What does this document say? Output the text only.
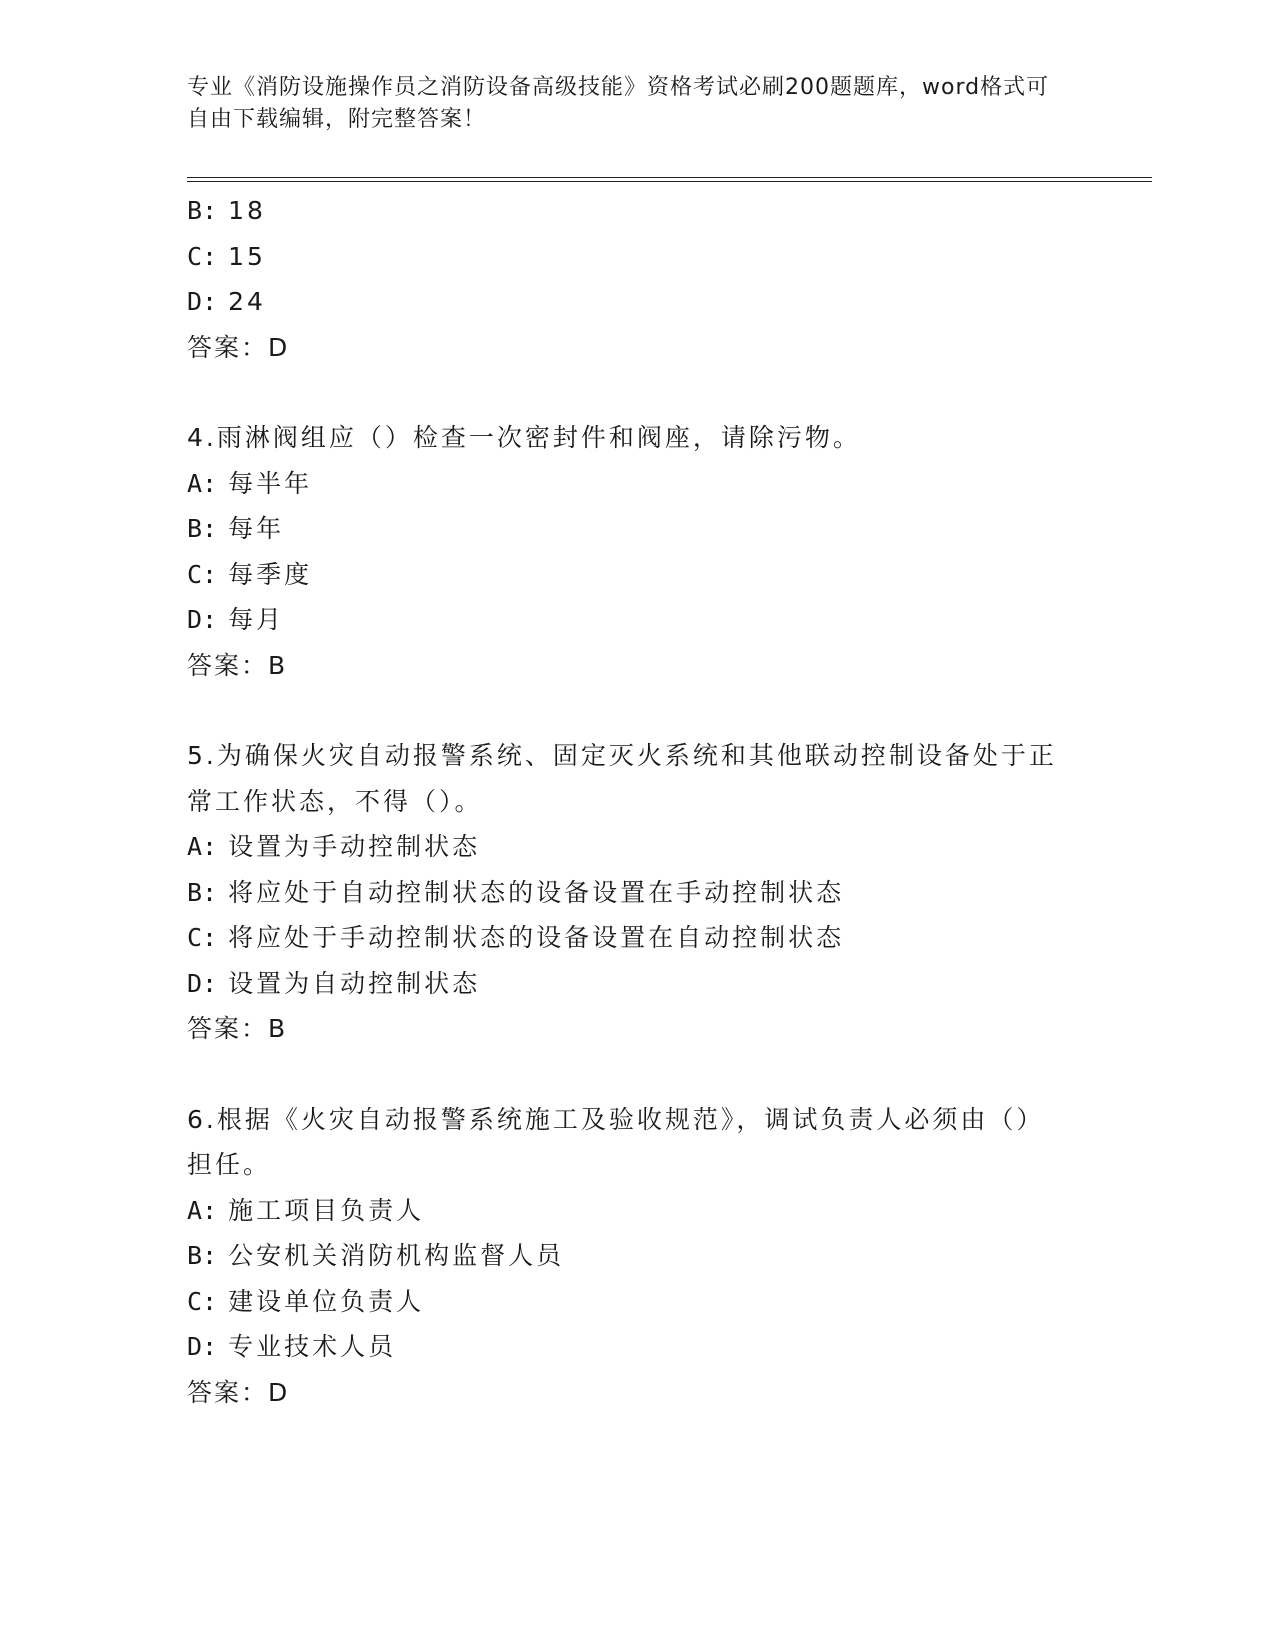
专业《消防设施操作员之消防设备高级技能》资格考试必刷200题题库，word格式可自由下载编辑，附完整答案！

B: 18

C: 15

D: 24

答案：D

4.雨淋阀组应（）检查一次密封件和阀座，请除污物。

A: 每半年

B: 每年

C: 每季度

D: 每月

答案：B

5.为确保火灾自动报警系统、固定灭火系统和其他联动控制设备处于正常工作状态，不得（）。

A: 设置为手动控制状态

B: 将应处于自动控制状态的设备设置在手动控制状态

C: 将应处于手动控制状态的设备设置在自动控制状态

D: 设置为自动控制状态

答案：B

6.根据《火灾自动报警系统施工及验收规范》，调试负责人必须由（）担任。

A: 施工项目负责人

B: 公安机关消防机构监督人员

C: 建设单位负责人

D: 专业技术人员

答案：D
